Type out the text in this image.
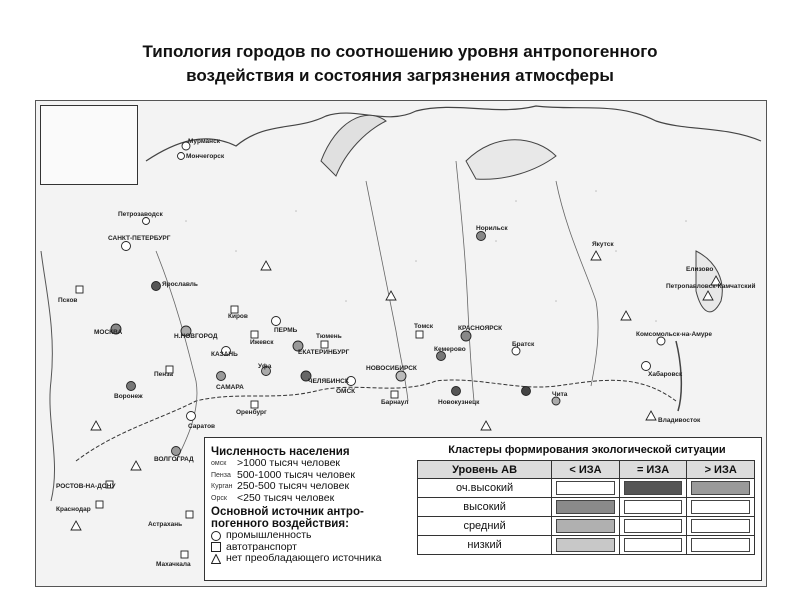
Типология городов по соотношению уровня антропогенного
воздействия и состояния загрязнения атмосферы
Мурманск
Мончегорск
Петрозаводск
САНКТ-ПЕТЕРБУРГ
Псков
Ярославль
МОСКВА
Н.НОВГОРОД
ПЕРМЬ
ЕКАТЕРИНБУРГ
КАЗАНЬ
ЧЕЛЯБИНСК
САМАРА
Воронеж
Саратов
ВОЛГОГРАД
РОСТОВ-НА-ДОНУ
Краснодар
Астрахань
Махачкала
ОМСК
НОВОСИБИРСК
Барнаул
Томск
Кемерово
Новокузнецк
КРАСНОЯРСК
Братск
Чита
Норильск
Якутск
Хабаровск
Комсомольск-на-Амуре
Владивосток
Елизово
Петропавловск-Камчатский
Тюмень
Уфа
Оренбург
Пенза
Ижевск
Киров
Численность населения
омск	>1000 тысяч человек
Пенза 500-1000 тысяч человек
Курган 250-500 тысяч человек
Орск <250 тысяч человек
Основной источник антро-
погенного воздействия:
промышленность
автотранспорт
нет преобладающего источника
Кластеры формирования экологической ситуации
Уровень АВ	< ИЗА	= ИЗА	> ИЗА
оч.высокий	

высокий	

средний	

низкий	
